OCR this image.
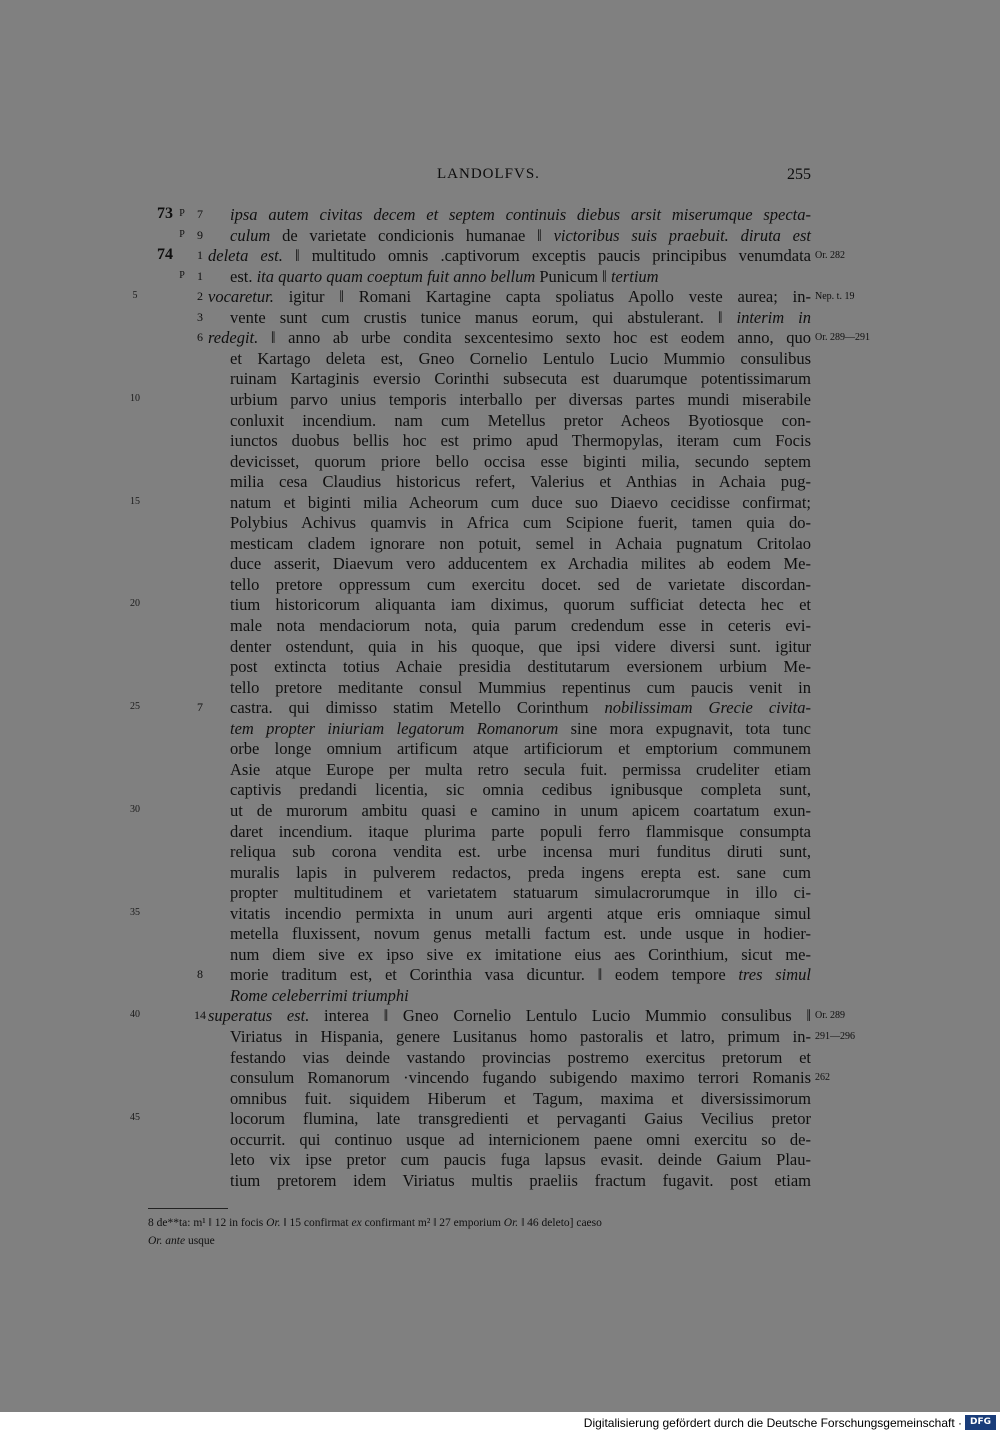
LANDOLFVS.	255
73 P	7	ipsa autem civitas decem et septem continuis diebus arsit miserumque specta-
P	9	culum de varietate condicionis humanae ‖ victoribus suis praebuit. diruta est
74	1	Or. 282
deleta est. ‖ multitudo omnis .captivorum exceptis paucis principibus venumdata
P	1	est. ita quarto quam coeptum fuit anno bellum Punicum ‖ tertium
5	2	Nep. t. 19
vocaretur. igitur ‖ Romani Kartagine capta spoliatus Apollo veste aurea; in-
3	vente sunt cum crustis tunice manus eorum, qui abstulerant. ‖ interim in
6	Or. 289—291
redegit. ‖ anno ab urbe condita sexcentesimo sexto hoc est eodem anno, quo
et Kartago deleta est, Gneo Cornelio Lentulo Lucio Mummio consulibus
ruinam Kartaginis eversio Corinthi subsecuta est duarumque potentissimarum
10	urbium parvo unius temporis interballo per diversas partes mundi miserabile
conluxit incendium. nam cum Metellus pretor Acheos Byotiosque con-
iunctos duobus bellis hoc est primo apud Thermopylas, iteram cum Focis
devicisset, quorum priore bello occisa esse biginti milia, secundo septem
milia cesa Claudius historicus refert, Valerius et Anthias in Achaia pug-
15	natum et biginti milia Acheorum cum duce suo Diaevo cecidisse confirmat;
Polybius Achivus quamvis in Africa cum Scipione fuerit, tamen quia do-
mesticam cladem ignorare non potuit, semel in Achaia pugnatum Critolao
duce asserit, Diaevum vero adducentem ex Archadia milites ab eodem Me-
tello pretore oppressum cum exercitu docet. sed de varietate discordan-
20	tium historicorum aliquanta iam diximus, quorum sufficiat detecta hec et
male nota mendaciorum nota, quia parum credendum esse in ceteris evi-
denter ostendunt, quia in his quoque, que ipsi videre diversi sunt. igitur
post extincta totius Achaie presidia destitutarum eversionem urbium Me-
tello pretore meditante consul Mummius repentinus cum paucis venit in
25	7	castra. qui dimisso statim Metello Corinthum nobilissimam Grecie civita-
tem propter iniuriam legatorum Romanorum sine mora expugnavit, tota tunc
orbe longe omnium artificum atque artificiorum et emptorium communem
Asie atque Europe per multa retro secula fuit. permissa crudeliter etiam
captivis predandi licentia, sic omnia cedibus ignibusque completa sunt,
30	ut de murorum ambitu quasi e camino in unum apicem coartatum exun-
daret incendium. itaque plurima parte populi ferro flammisque consumpta
reliqua sub corona vendita est. urbe incensa muri funditus diruti sunt,
muralis lapis in pulverem redactos, preda ingens erepta est. sane cum
propter multitudinem et varietatem statuarum simulacrorumque in illo ci-
35	vitatis incendio permixta in unum auri argenti atque eris omniaque simul
metella fluxissent, novum genus metalli factum est. unde usque in hodier-
num diem sive ex ipso sive ex imitatione eius aes Corinthium, sicut me-
8	morie traditum est, et Corinthia vasa dicuntur. ‖ eodem tempore tres simul
Rome celeberrimi triumphi
40	14	Or. 289
superatus est. interea ‖ Gneo Cornelio Lentulo Lucio Mummio consulibus ‖
291—296
Viriatus in Hispania, genere Lusitanus homo pastoralis et latro, primum in-
festando vias deinde vastando provincias postremo exercitus pretorum et
262
consulum Romanorum ·vincendo fugando subigendo maximo terrori Romanis
omnibus fuit. siquidem Hiberum et Tagum, maxima et diversissimorum
45	locorum flumina, late transgredienti et pervaganti Gaius Vecilius pretor
occurrit. qui continuo usque ad internicionem paene omni exercitu so de-
leto vix ipse pretor cum paucis fuga lapsus evasit. deinde Gaium Plau-
tium pretorem idem Viriatus multis praeliis fractum fugavit. post etiam
8 de**ta: m¹ ‖ 12 in focis Or. ‖ 15 confirmat ex confirmant m² ‖ 27 emporium Or. ‖ 46 deleto] caeso
Or. ante usque
Digitalisierung gefördert durch die Deutsche Forschungsgemeinschaft · DFG
